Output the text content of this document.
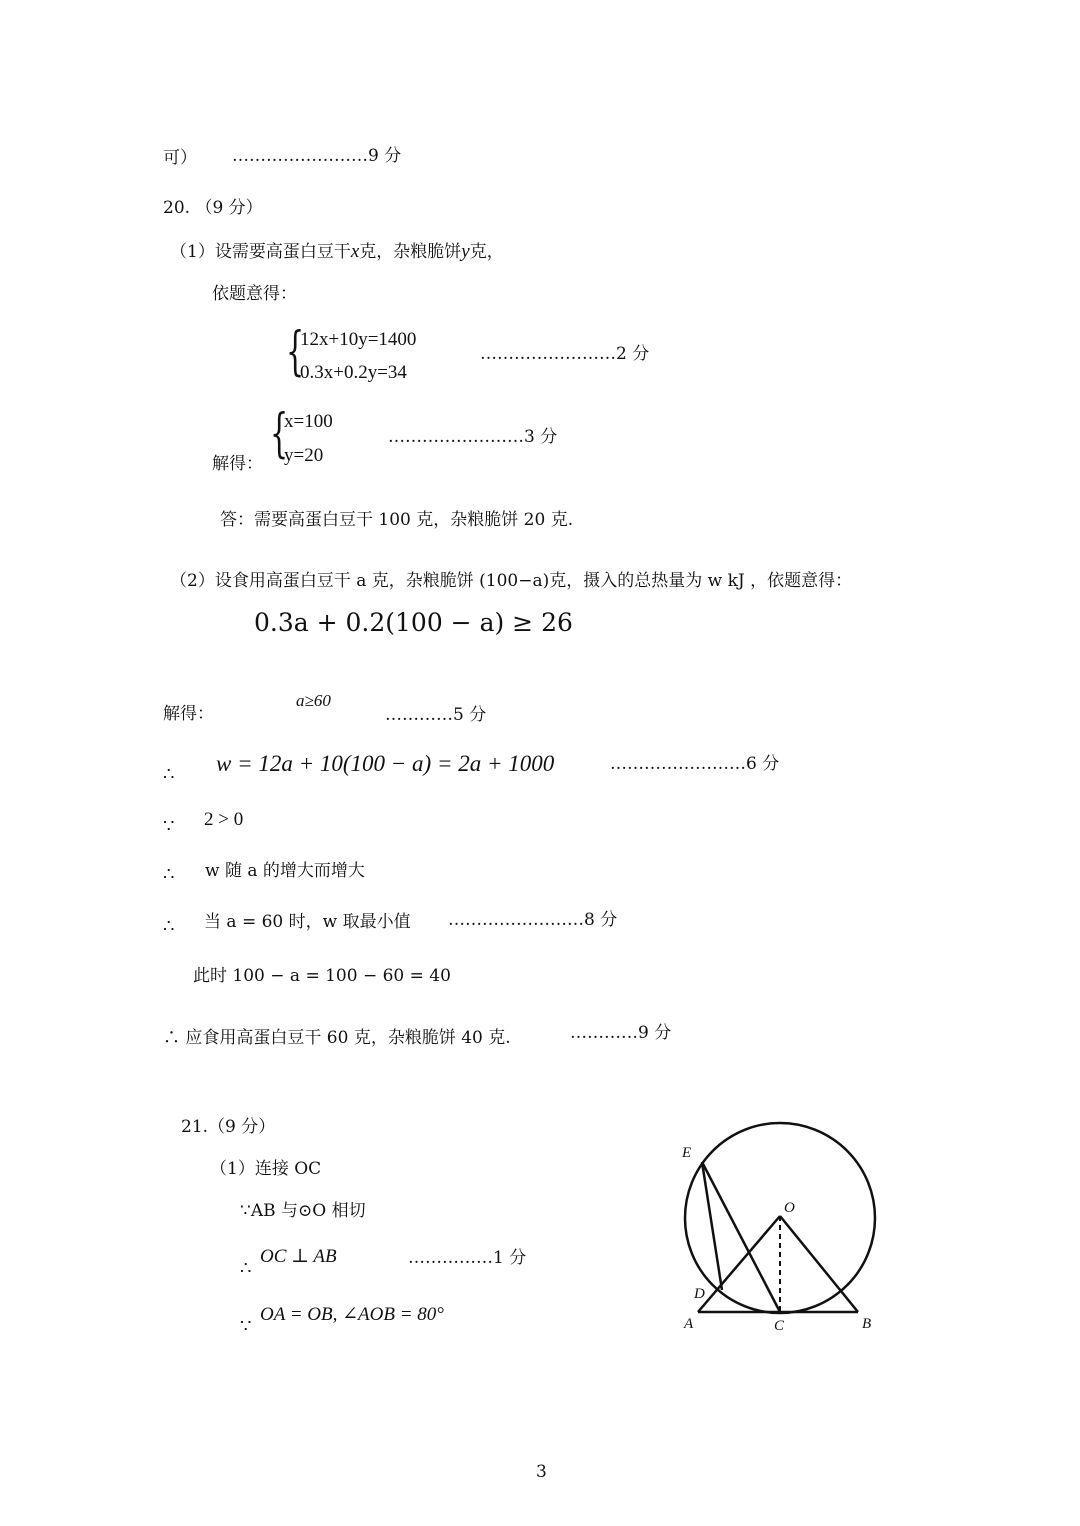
可） ……………………9 分
20. （9 分）
（1）设需要高蛋白豆干x克，杂粮脆饼y克，
依题意得：
{
12x+10y=1400
0.3x+0.2y=34
……………………2 分
{
x=100
y=20
解得：
……………………3 分
答：需要高蛋白豆干 100 克，杂粮脆饼 20 克.
（2）设食用高蛋白豆干 a 克，杂粮脆饼 (100−a)克，摄入的总热量为 w kJ ，依题意得：
0.3a + 0.2(100 − a) ≥ 26
解得：
a≥60
…………5 分
∴ w = 12a + 10(100 − a) = 2a + 1000	……………………6 分
∵ 2 > 0
∴ w 随 a 的增大而增大
∴ 当 a = 60 时，w 取最小值 ……………………8 分
此时 100 − a = 100 − 60 = 40
∴ 应食用高蛋白豆干 60 克，杂粮脆饼 40 克.	…………9 分
21.（9 分）
（1）连接 OC
∵AB 与⊙O 相切
∴
OC ⊥ AB	……………1 分
∵
OA = OB, ∠AOB = 80°
E
O
D
A	C	B
3
